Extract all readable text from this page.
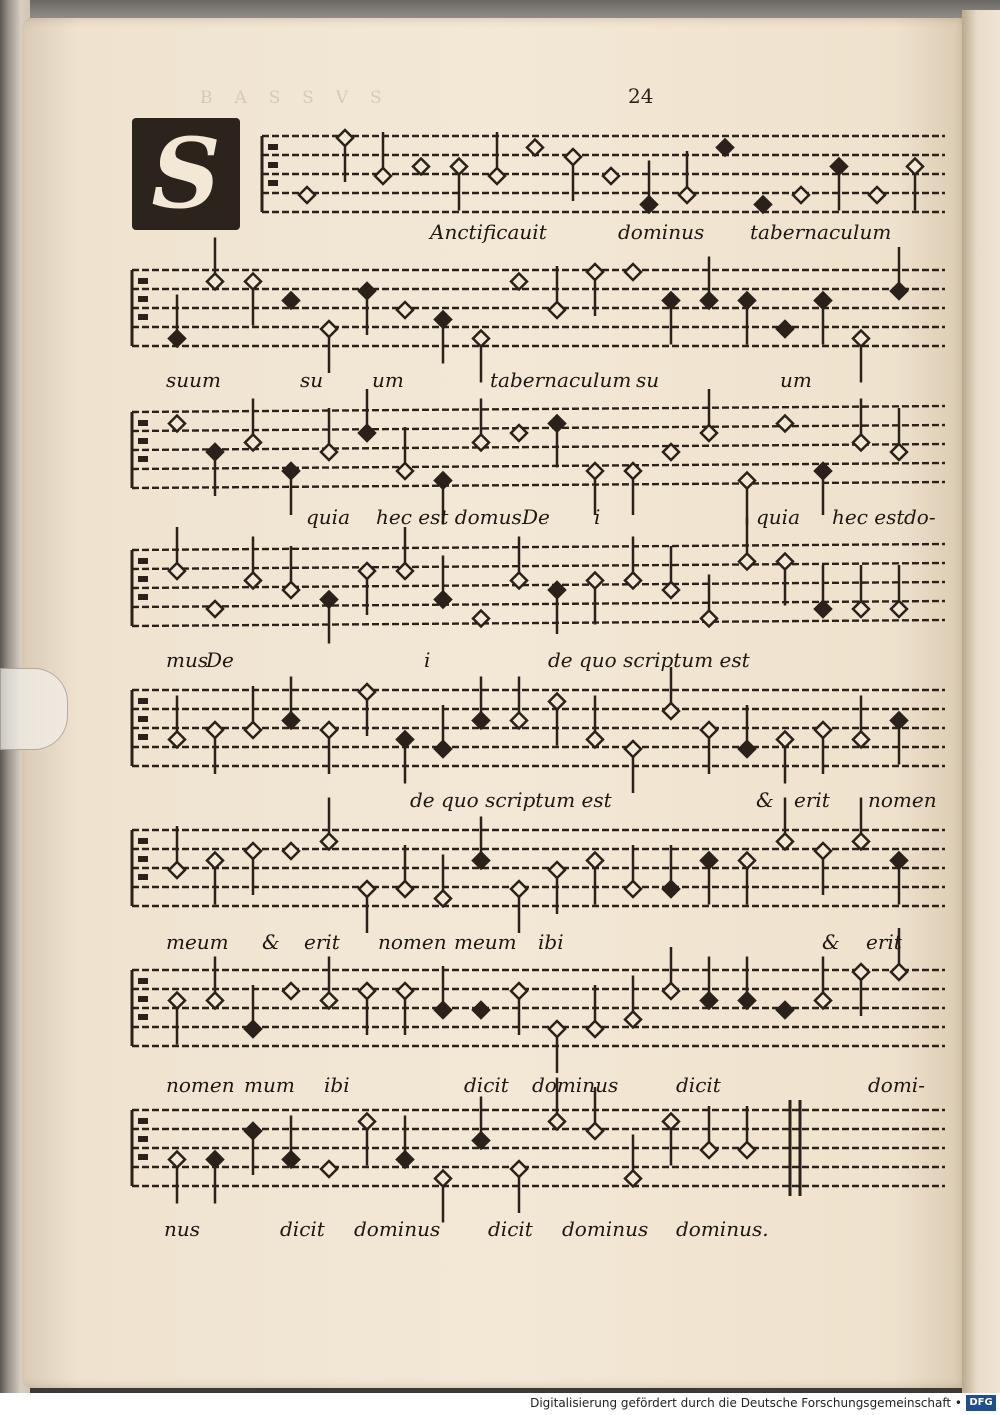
BASSVS	24
S
Anctificauit	dominus tabernaculum
suum	su um	tabernaculum su	um
quia hec est domus De i	quia hec est do-
mus
De	i	de quo scriptum est
de quo scriptum est	& erit nomen
meum & erit nomen meum ibi	& erit
nomen mum ibi	dicit dominus	dicit	domi-
nus	dicit dominus dicit dominus dominus.
Digitalisierung gefördert durch die Deutsche Forschungsgemeinschaft • DFG
